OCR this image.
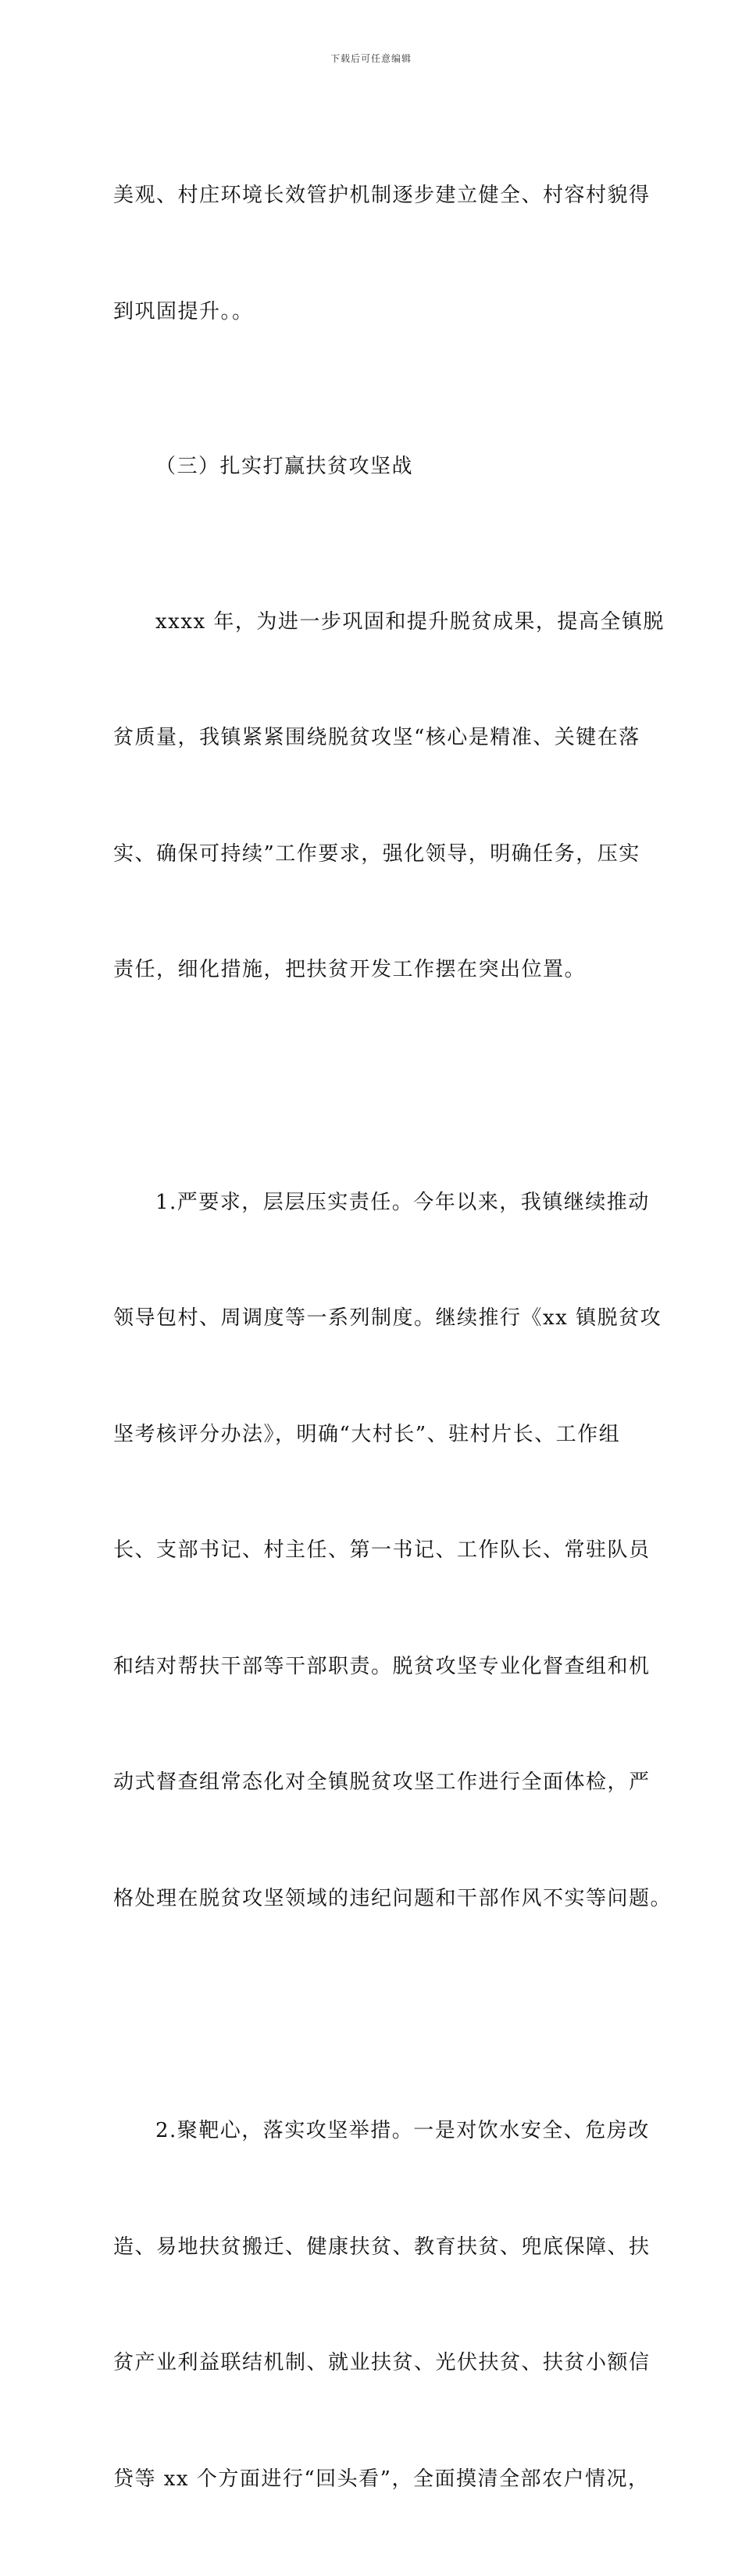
下载后可任意编辑

美观、村庄环境长效管护机制逐步建立健全、村容村貌得

到巩固提升。。

（三）扎实打赢扶贫攻坚战

xxxx 年，为进一步巩固和提升脱贫成果，提高全镇脱

贫质量，我镇紧紧围绕脱贫攻坚“核心是精准、关键在落

实、确保可持续”工作要求，强化领导，明确任务，压实

责任，细化措施，把扶贫开发工作摆在突出位置。

1.严要求，层层压实责任。今年以来，我镇继续推动

领导包村、周调度等一系列制度。继续推行《xx 镇脱贫攻

坚考核评分办法》，明确“大村长”、驻村片长、工作组

长、支部书记、村主任、第一书记、工作队长、常驻队员

和结对帮扶干部等干部职责。脱贫攻坚专业化督查组和机

动式督查组常态化对全镇脱贫攻坚工作进行全面体检，严

格处理在脱贫攻坚领域的违纪问题和干部作风不实等问题。

2.聚靶心，落实攻坚举措。一是对饮水安全、危房改

造、易地扶贫搬迁、健康扶贫、教育扶贫、兜底保障、扶

贫产业利益联结机制、就业扶贫、光伏扶贫、扶贫小额信

贷等 xx 个方面进行“回头看”，全面摸清全部农户情况，
